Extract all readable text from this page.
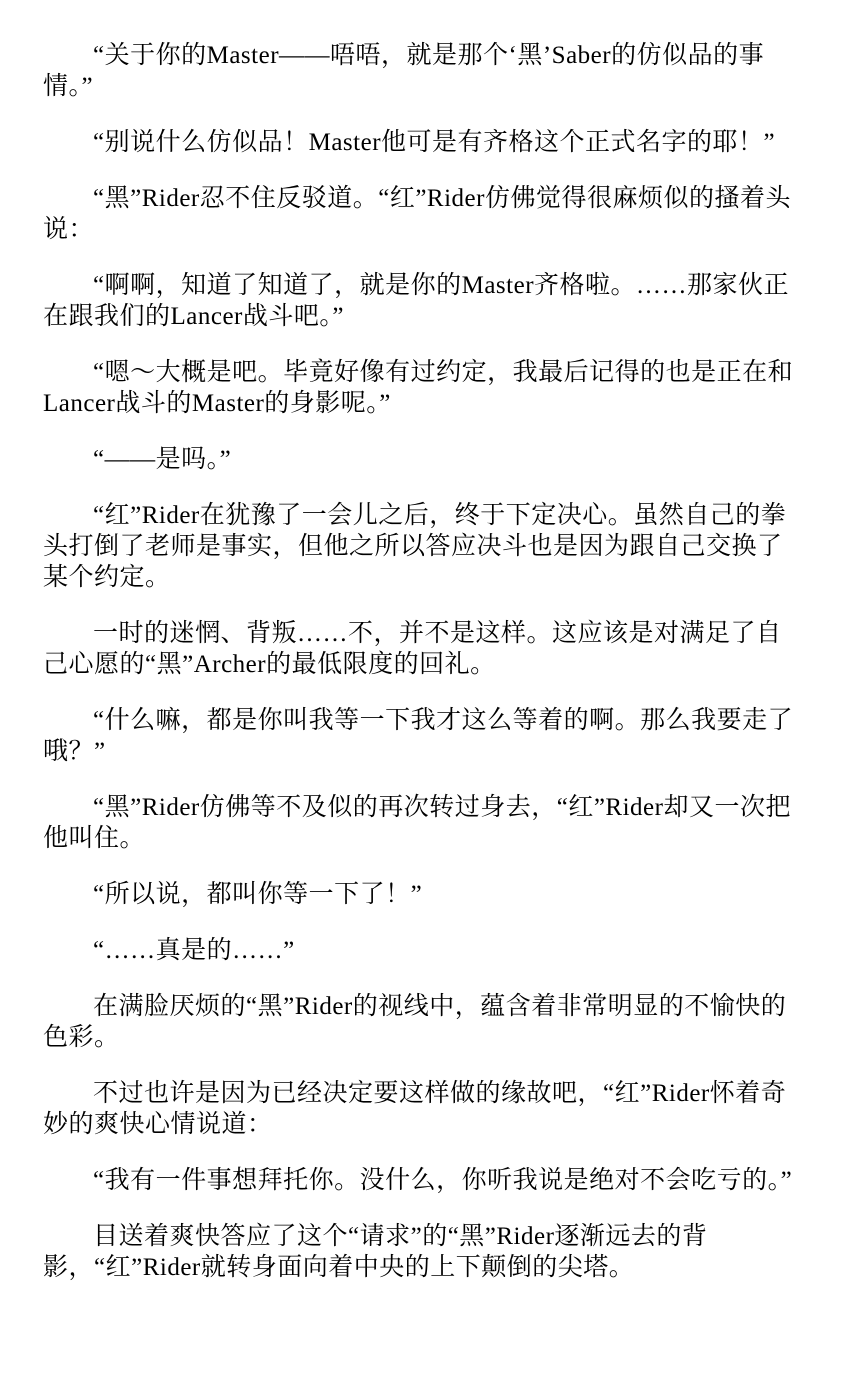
“关于你的Master——唔唔，就是那个‘黑’Saber的仿似品的事情。”

“别说什么仿似品！Master他可是有齐格这个正式名字的耶！”

“黑”Rider忍不住反驳道。“红”Rider仿佛觉得很麻烦似的搔着头说：

“啊啊，知道了知道了，就是你的Master齐格啦。……那家伙正在跟我们的Lancer战斗吧。”

“嗯～大概是吧。毕竟好像有过约定，我最后记得的也是正在和Lancer战斗的Master的身影呢。”

“——是吗。”

“红”Rider在犹豫了一会儿之后，终于下定决心。虽然自己的拳头打倒了老师是事实，但他之所以答应决斗也是因为跟自己交换了某个约定。

一时的迷惘、背叛……不，并不是这样。这应该是对满足了自己心愿的“黑”Archer的最低限度的回礼。

“什么嘛，都是你叫我等一下我才这么等着的啊。那么我要走了哦？”

“黑”Rider仿佛等不及似的再次转过身去，“红”Rider却又一次把他叫住。

“所以说，都叫你等一下了！”

“……真是的……”

在满脸厌烦的“黑”Rider的视线中，蕴含着非常明显的不愉快的色彩。

不过也许是因为已经决定要这样做的缘故吧，“红”Rider怀着奇妙的爽快心情说道：

“我有一件事想拜托你。没什么，你听我说是绝对不会吃亏的。”

目送着爽快答应了这个“请求”的“黑”Rider逐渐远去的背影，“红”Rider就转身面向着中央的上下颠倒的尖塔。
